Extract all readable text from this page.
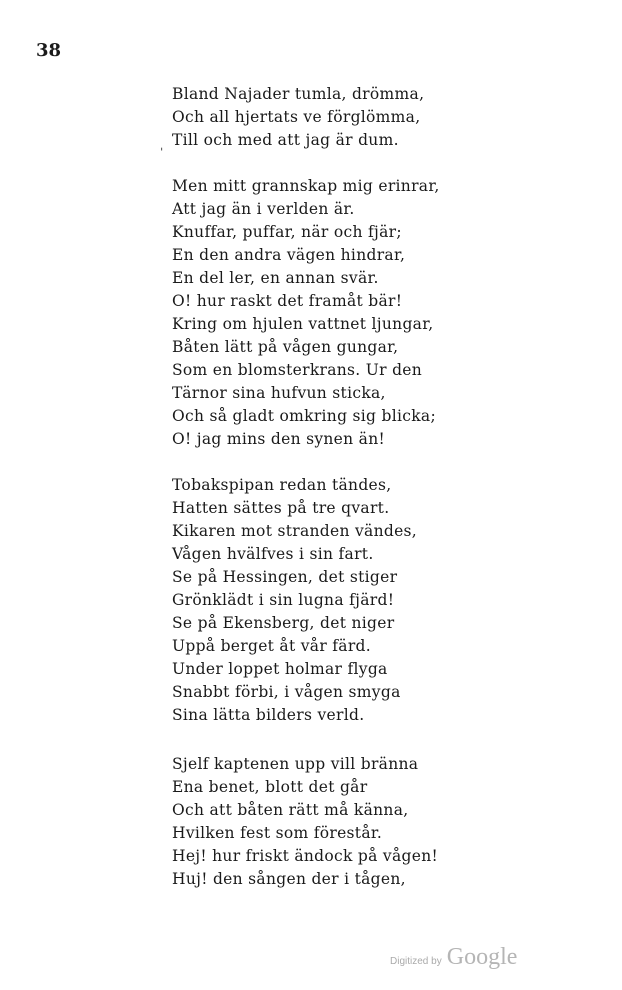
38
ˌ
Bland Najader tumla, drömma,
Och all hjertats ve förglömma,
Till och med att jag är dum.
Men mitt grannskap mig erinrar,
Att jag än i verlden är.
Knuffar, puffar, när och fjär;
En den andra vägen hindrar,
En del ler, en annan svär.
O! hur raskt det framåt bär!
Kring om hjulen vattnet ljungar,
Båten lätt på vågen gungar,
Som en blomsterkrans. Ur den
Tärnor sina hufvun sticka,
Och så gladt omkring sig blicka;
O! jag mins den synen än!
Tobakspipan redan tändes,
Hatten sättes på tre qvart.
Kikaren mot stranden vändes,
Vågen hvälfves i sin fart.
Se på Hessingen, det stiger
Grönklädt i sin lugna fjärd!
Se på Ekensberg, det niger
Uppå berget åt vår färd.
Under loppet holmar flyga
Snabbt förbi, i vågen smyga
Sina lätta bilders verld.
Sjelf kaptenen upp vill bränna
Ena benet, blott det går
Och att båten rätt må känna,
Hvilken fest som förestår.
Hej! hur friskt ändock på vågen!
Huj! den sången der i tågen,
Digitized by Google
